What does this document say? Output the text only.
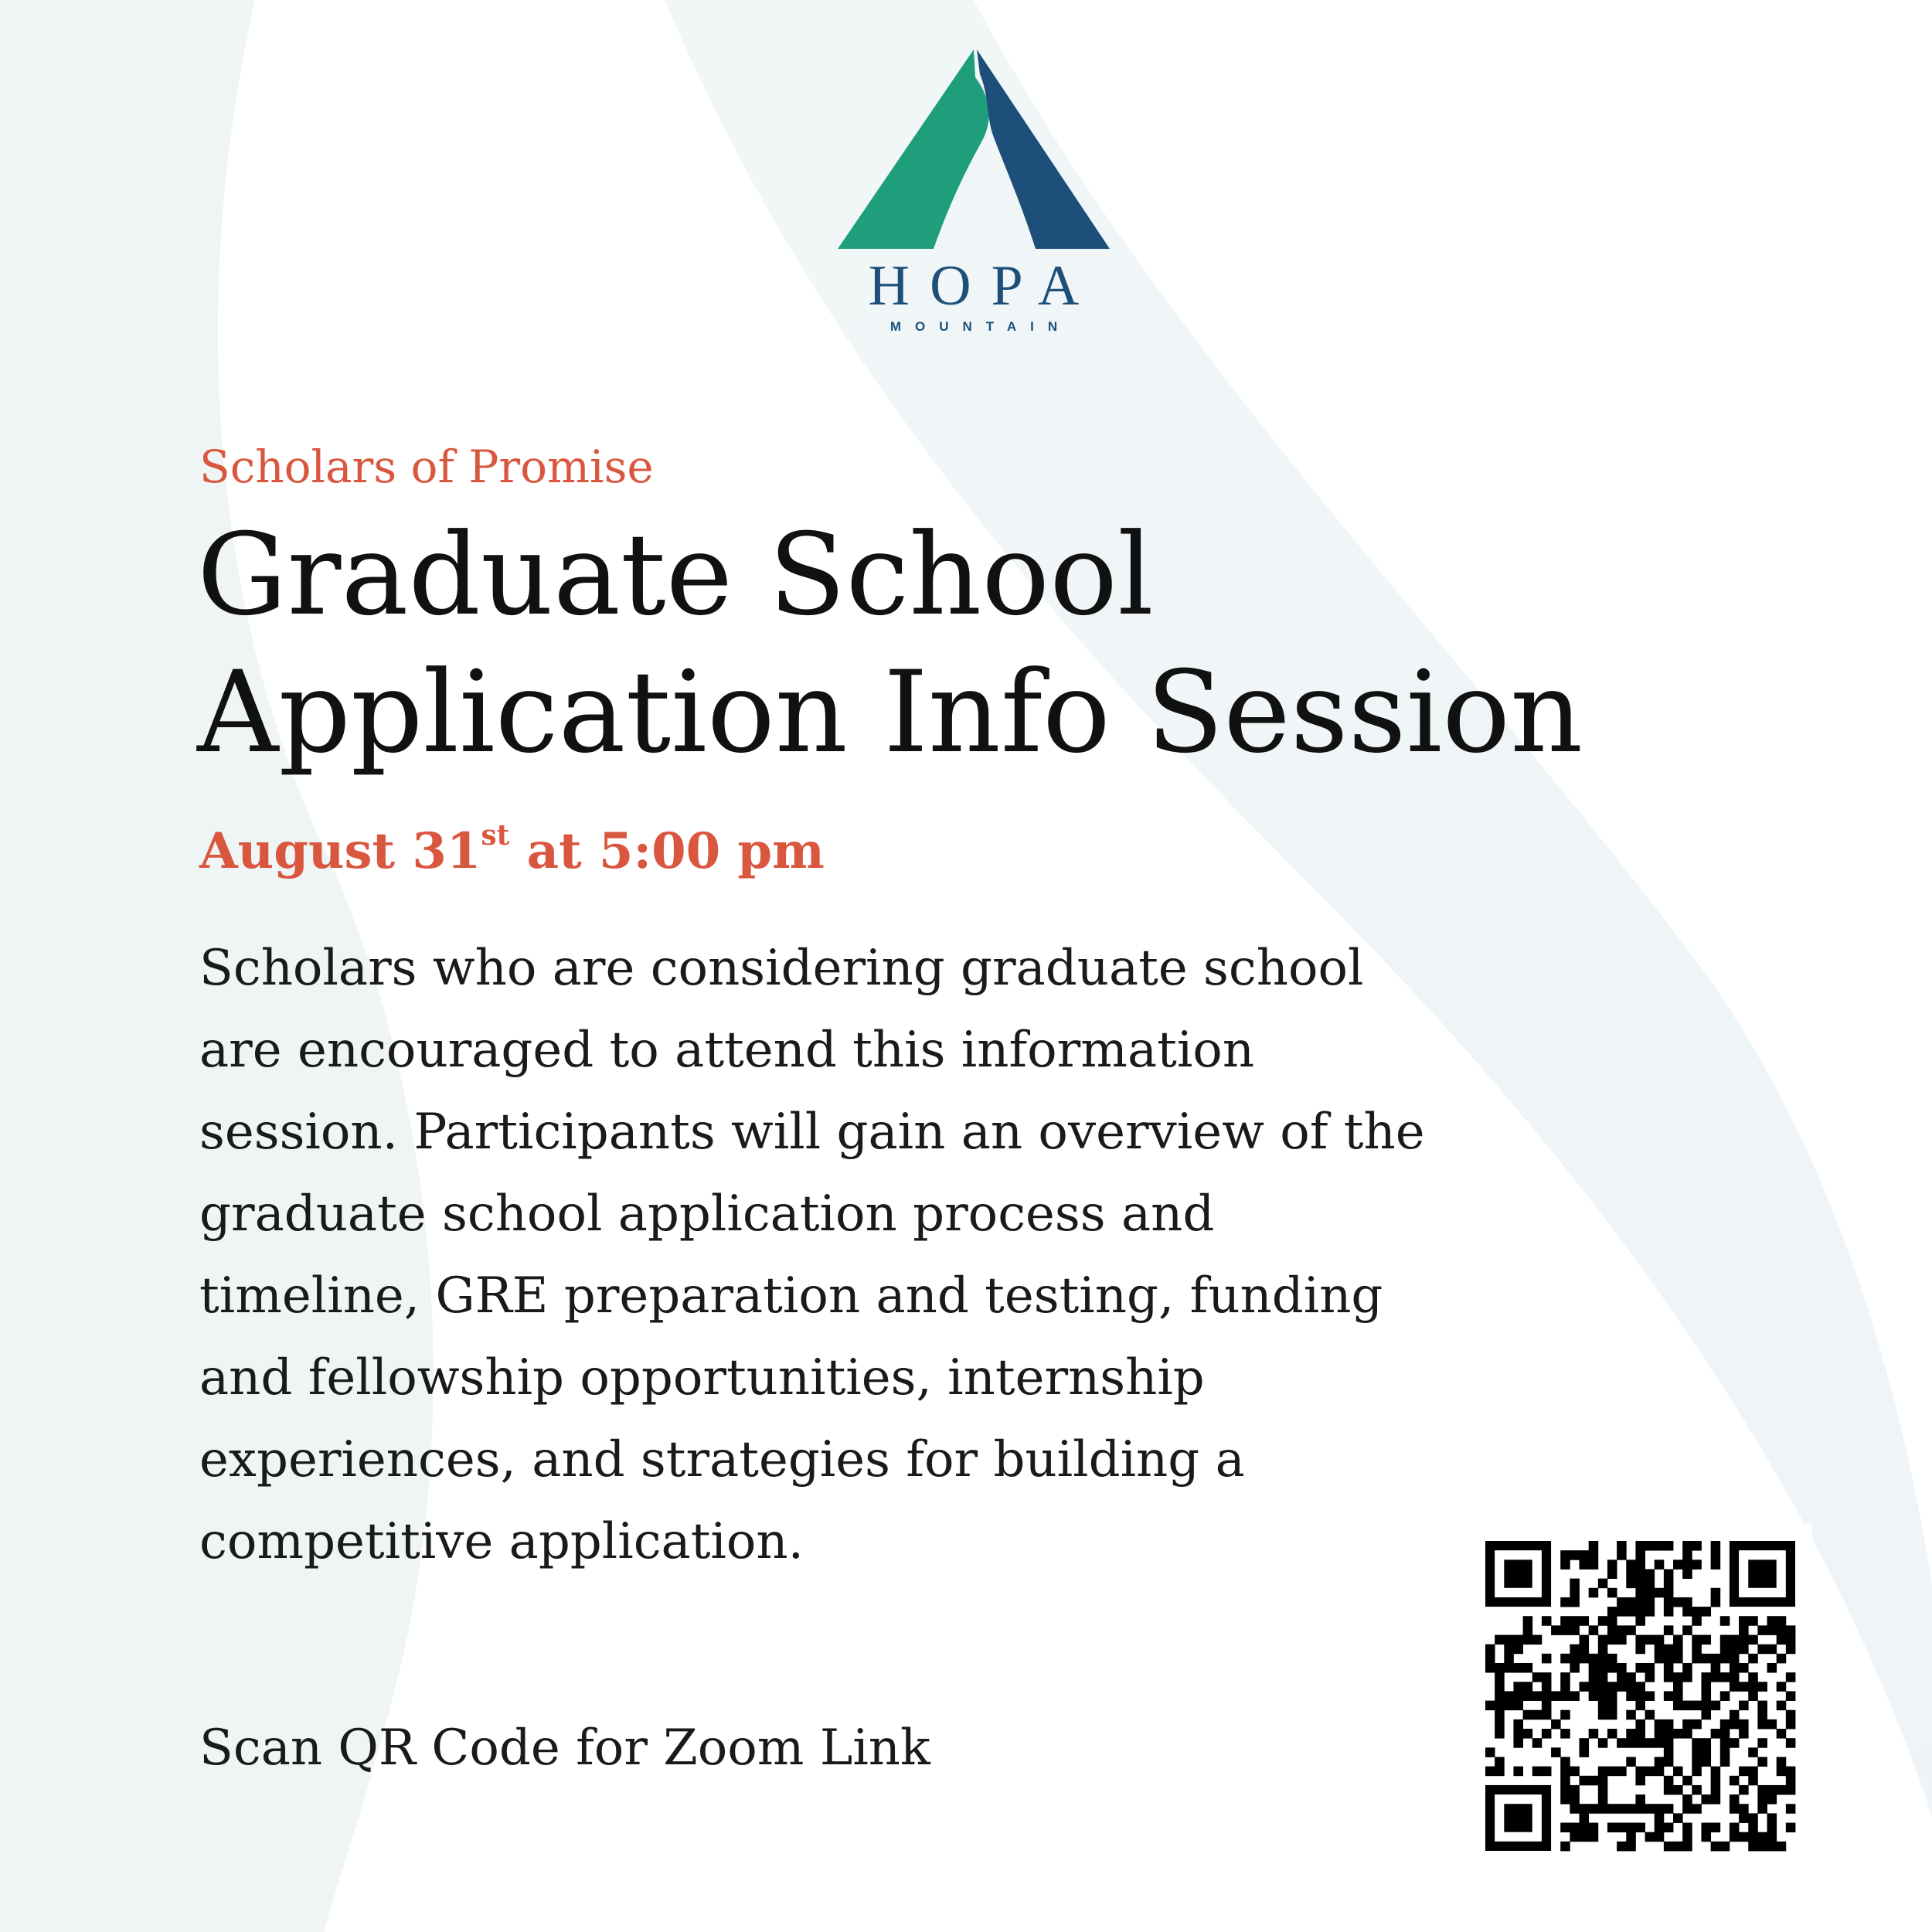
HOPA
MOUNTAIN
Scholars of Promise
Graduate School
Application Info Session
August 31st at 5:00 pm
Scholars who are considering graduate school
are encouraged to attend this information
session. Participants will gain an overview of the
graduate school application process and
timeline, GRE preparation and testing, funding
and fellowship opportunities, internship
experiences, and strategies for building a
competitive application.
Scan QR Code for Zoom Link
